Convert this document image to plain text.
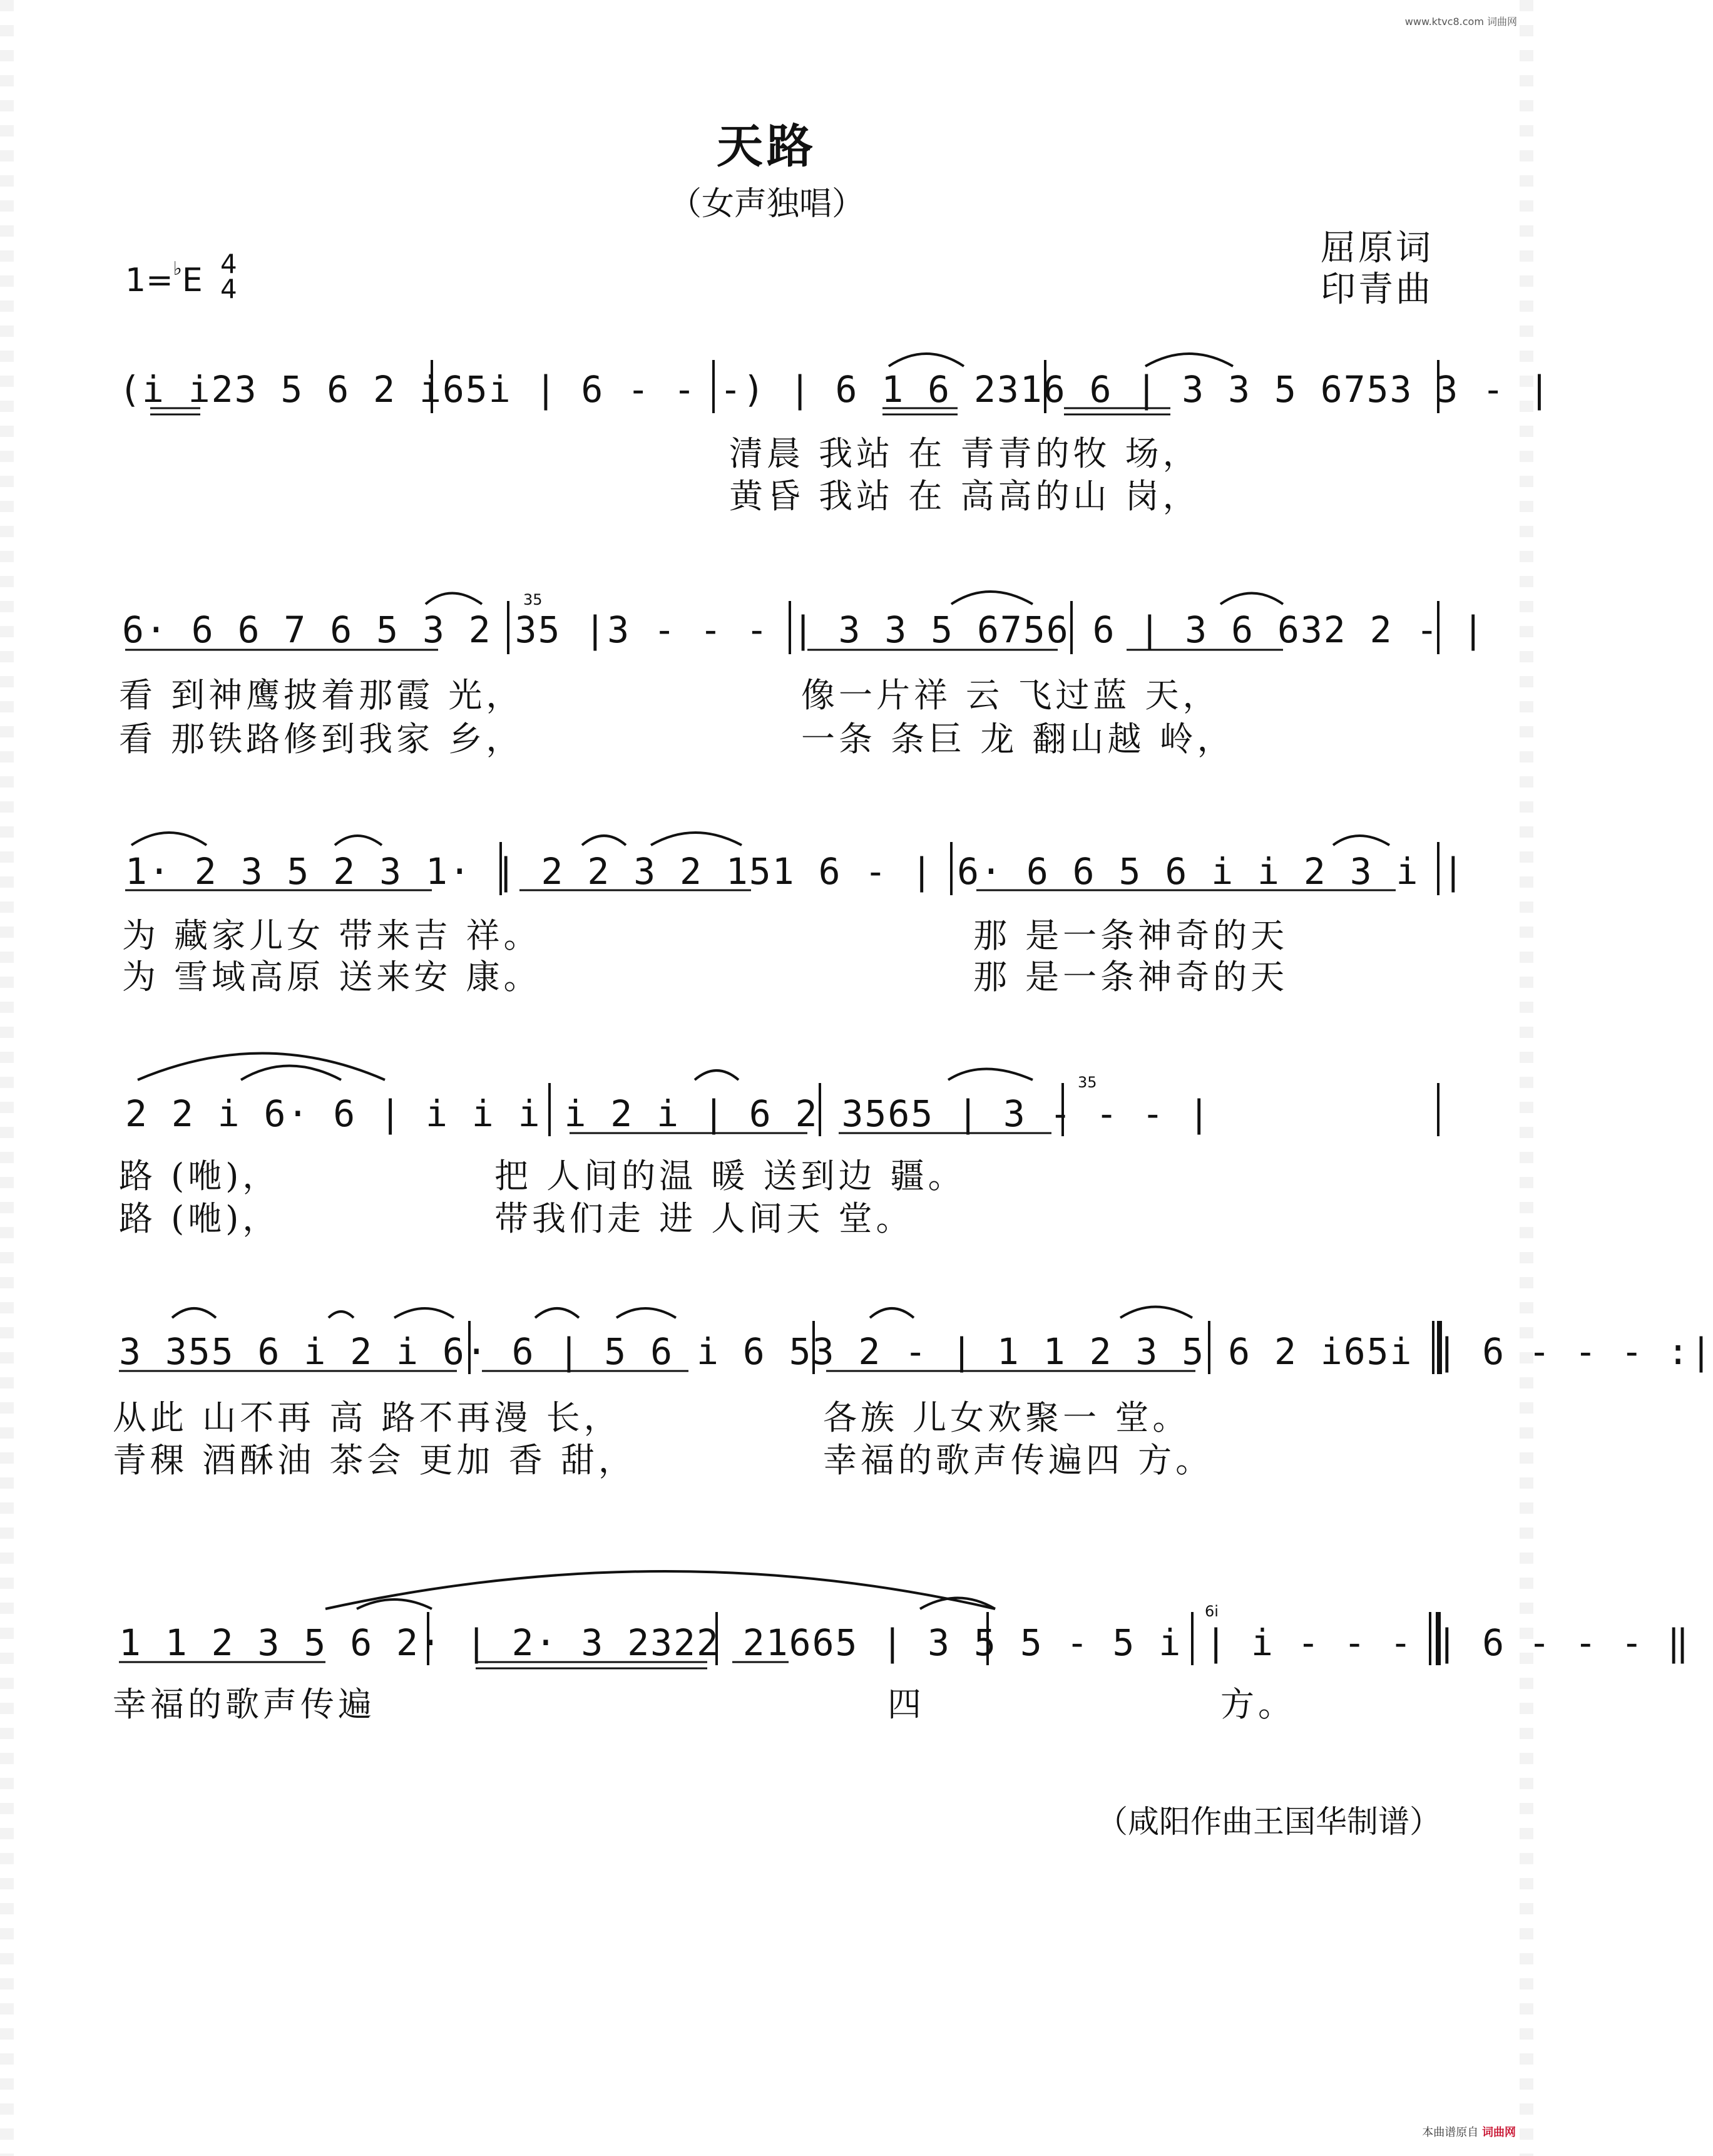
www.ktvc8.com 词曲网
天路
（女声独唱）
屈原词
印青曲
1=♭E 4
4
(i i23 5 6 2 i65i | 6 - - -) | 6 1 6 2316 6 | 3 3 5 6753 3 - |
清晨 我站 在 青青的牧 场，
黄昏 我站 在 高高的山 岗，
6· 6 6 7 6 5 3 2 35 |3 - - - | 3 3 5 6756 6 | 3 6 632 2 - |
35
看 到神鹰披着那霞 光，
看 那铁路修到我家 乡，
像一片祥 云 飞过蓝 天，
一条 条巨 龙 翻山越 岭，
1· 2 3 5 2 3 1· | 2 2 3 2 151 6 - | 6· 6 6 5 6 i i 2 3 i |
为 藏家儿女 带来吉 祥。
为 雪域高原 送来安 康。
那 是一条神奇的天
那 是一条神奇的天
2 2 i 6· 6 | i i i i 2 i | 6 2 3565 | 3 - - - |
35
路 (咃)，
路 (咃)，
把 人间的温 暖 送到边 疆。
带我们走 进 人间天 堂。
3 355 6 i 2 i 6· 6 | 5 6 i 6 53 2 - | 1 1 2 3 5 6 2 i65i | 6 - - - :|
从此 山不再 高 路不再漫 长，
青稞 酒酥油 茶会 更加 香 甜，
各族 儿女欢聚一 堂。
幸福的歌声传遍四 方。
1 1 2 3 5 6 2· | 2· 3 2322 21665 | 3 5 5 - 5 i | i - - - | 6 - - - ‖
6i
幸福的歌声传遍	四	方。
（咸阳作曲王国华制谱）
本曲谱原自 词曲网
